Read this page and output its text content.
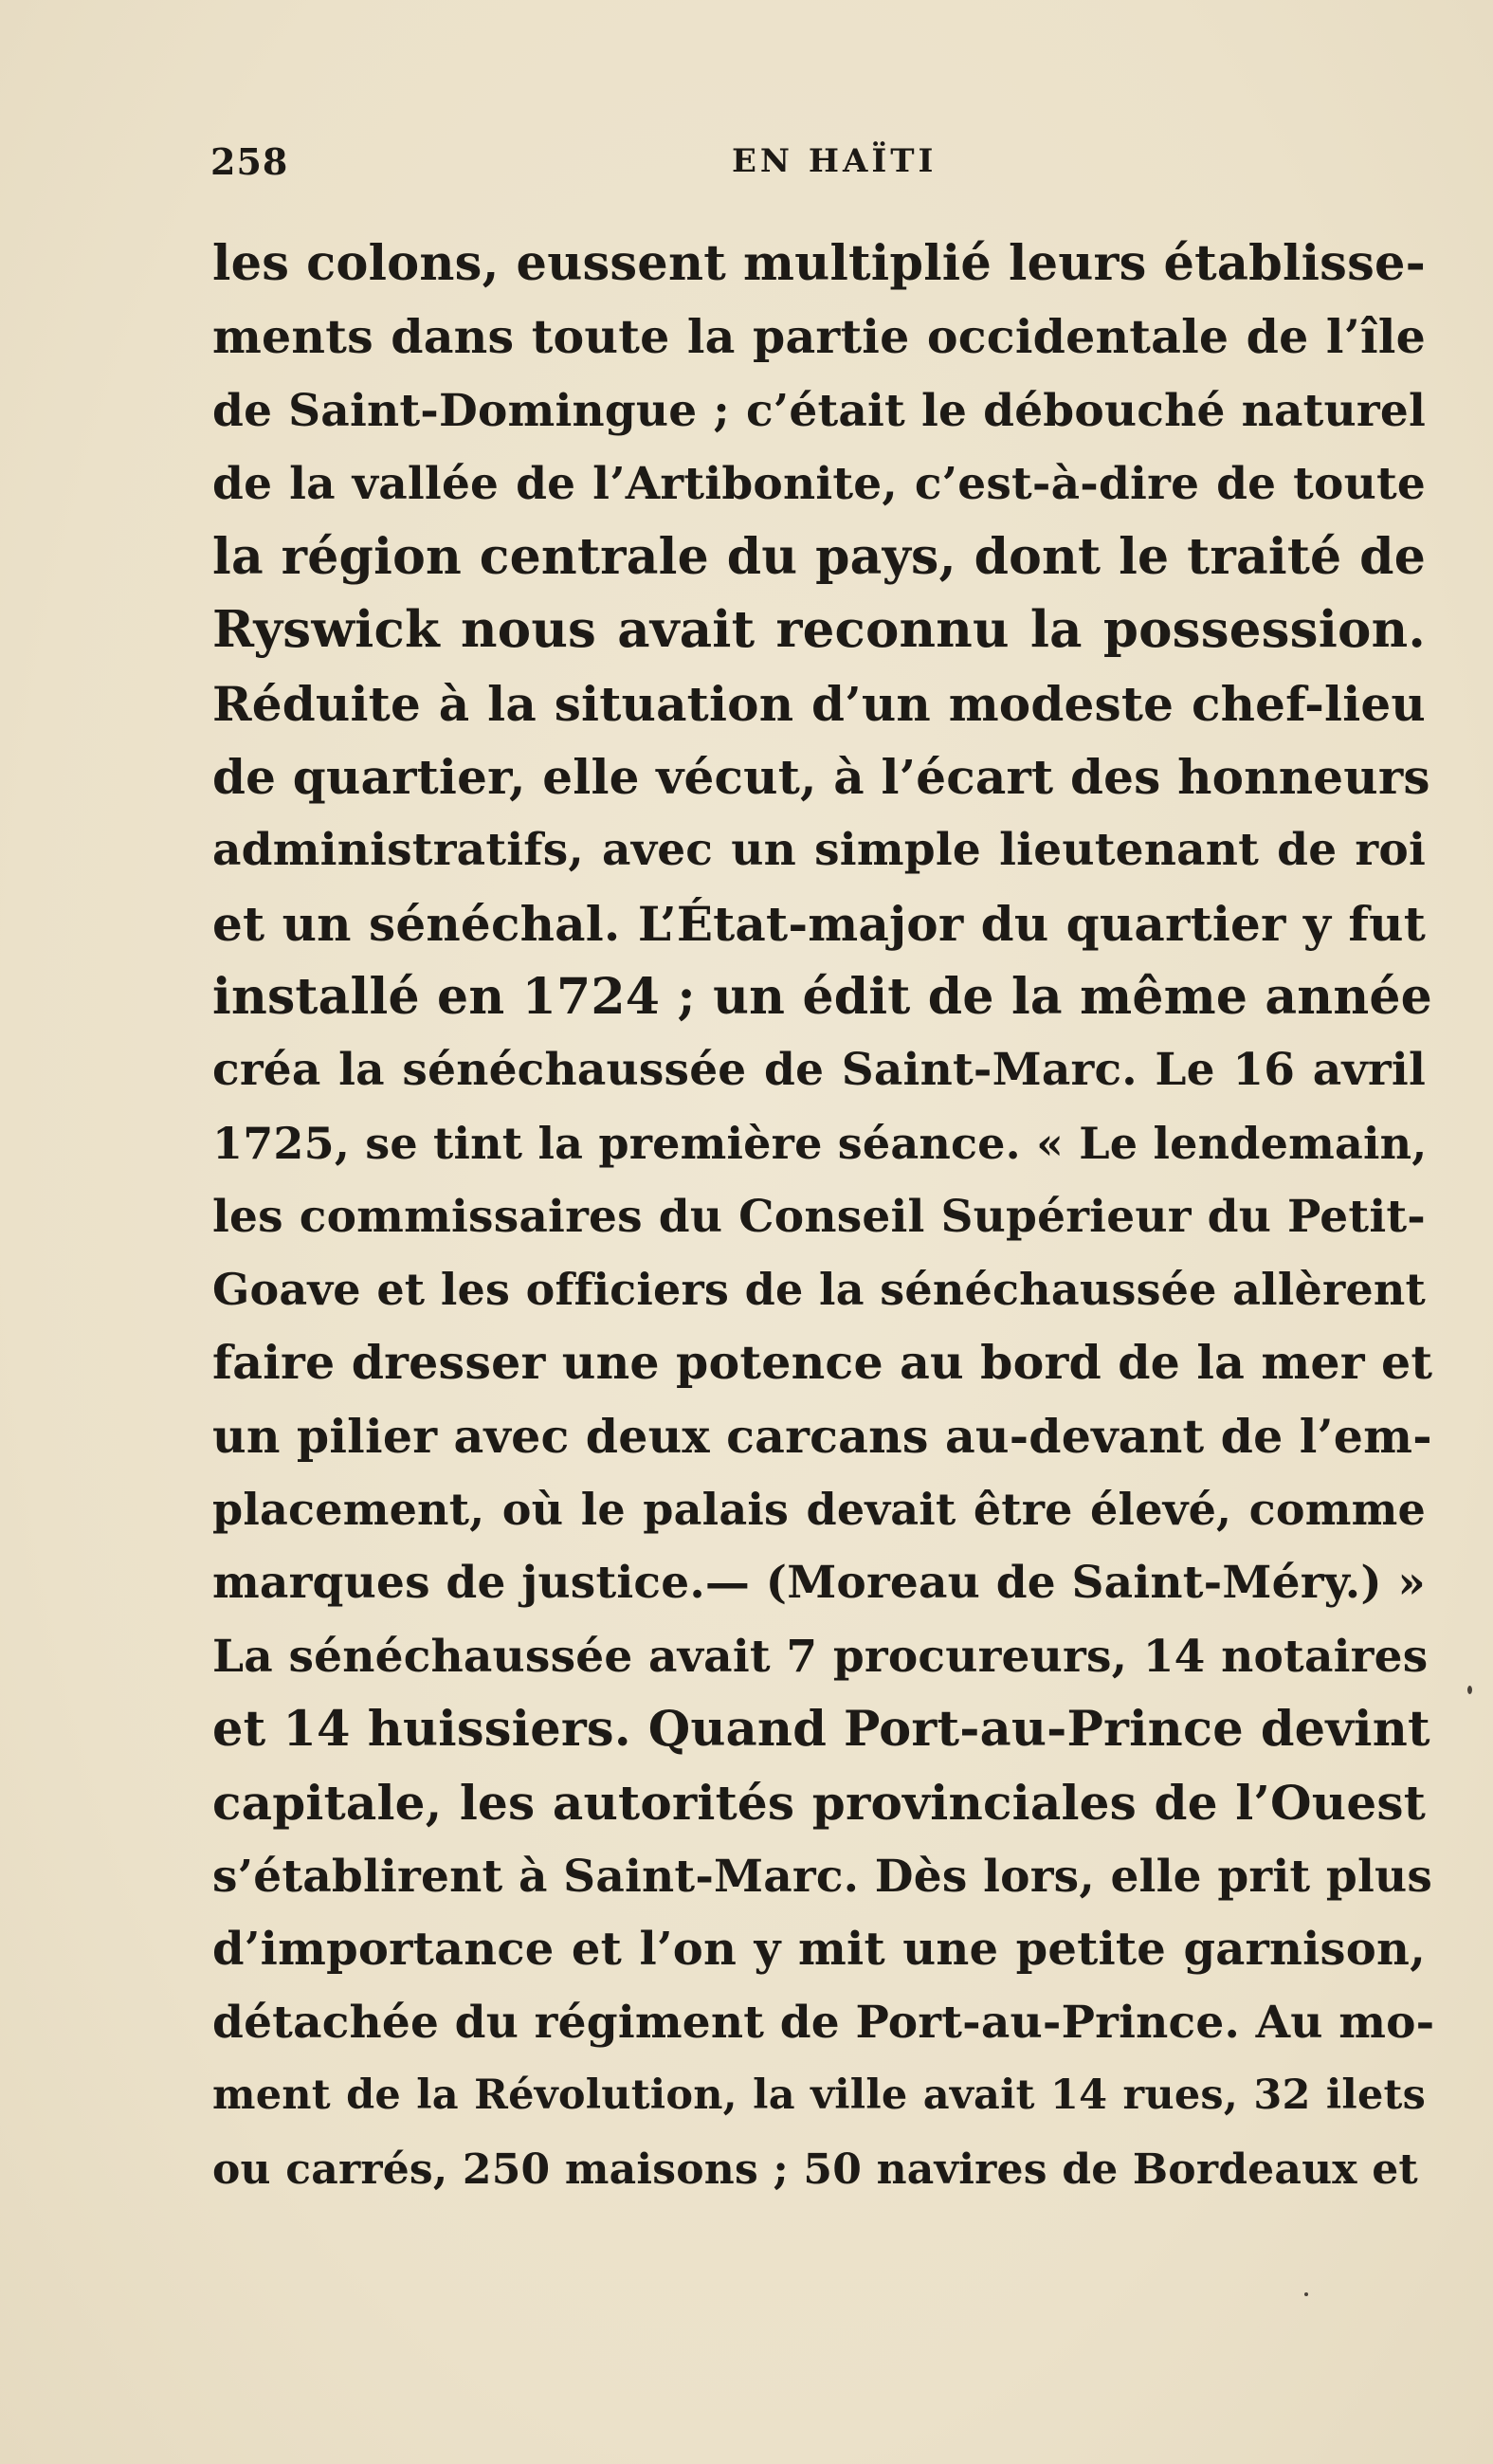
258	EN HAÏTI
les colons, eussent multiplié leurs établisse-
ments dans toute la partie occidentale de l’île
de Saint-Domingue ; c’était le débouché naturel
de la vallée de l’Artibonite, c’est-à-dire de toute
la région centrale du pays, dont le traité de
Ryswick nous avait reconnu la possession.
Réduite à la situation d’un modeste chef-lieu
de quartier, elle vécut, à l’écart des honneurs
administratifs, avec un simple lieutenant de roi
et un sénéchal. L’État-major du quartier y fut
installé en 1724 ; un édit de la même année
créa la sénéchaussée de Saint-Marc. Le 16 avril
1725, se tint la première séance. « Le lendemain,
les commissaires du Conseil Supérieur du Petit-
Goave et les officiers de la sénéchaussée allèrent
faire dresser une potence au bord de la mer et
un pilier avec deux carcans au-devant de l’em-
placement, où le palais devait être élevé, comme
marques de justice.— (Moreau de Saint-Méry.) »
La sénéchaussée avait 7 procureurs, 14 notaires
et 14 huissiers. Quand Port-au-Prince devint
capitale, les autorités provinciales de l’Ouest
s’établirent à Saint-Marc. Dès lors, elle prit plus
d’importance et l’on y mit une petite garnison,
détachée du régiment de Port-au-Prince. Au mo-
ment de la Révolution, la ville avait 14 rues, 32 ilets
ou carrés, 250 maisons ; 50 navires de Bordeaux et
